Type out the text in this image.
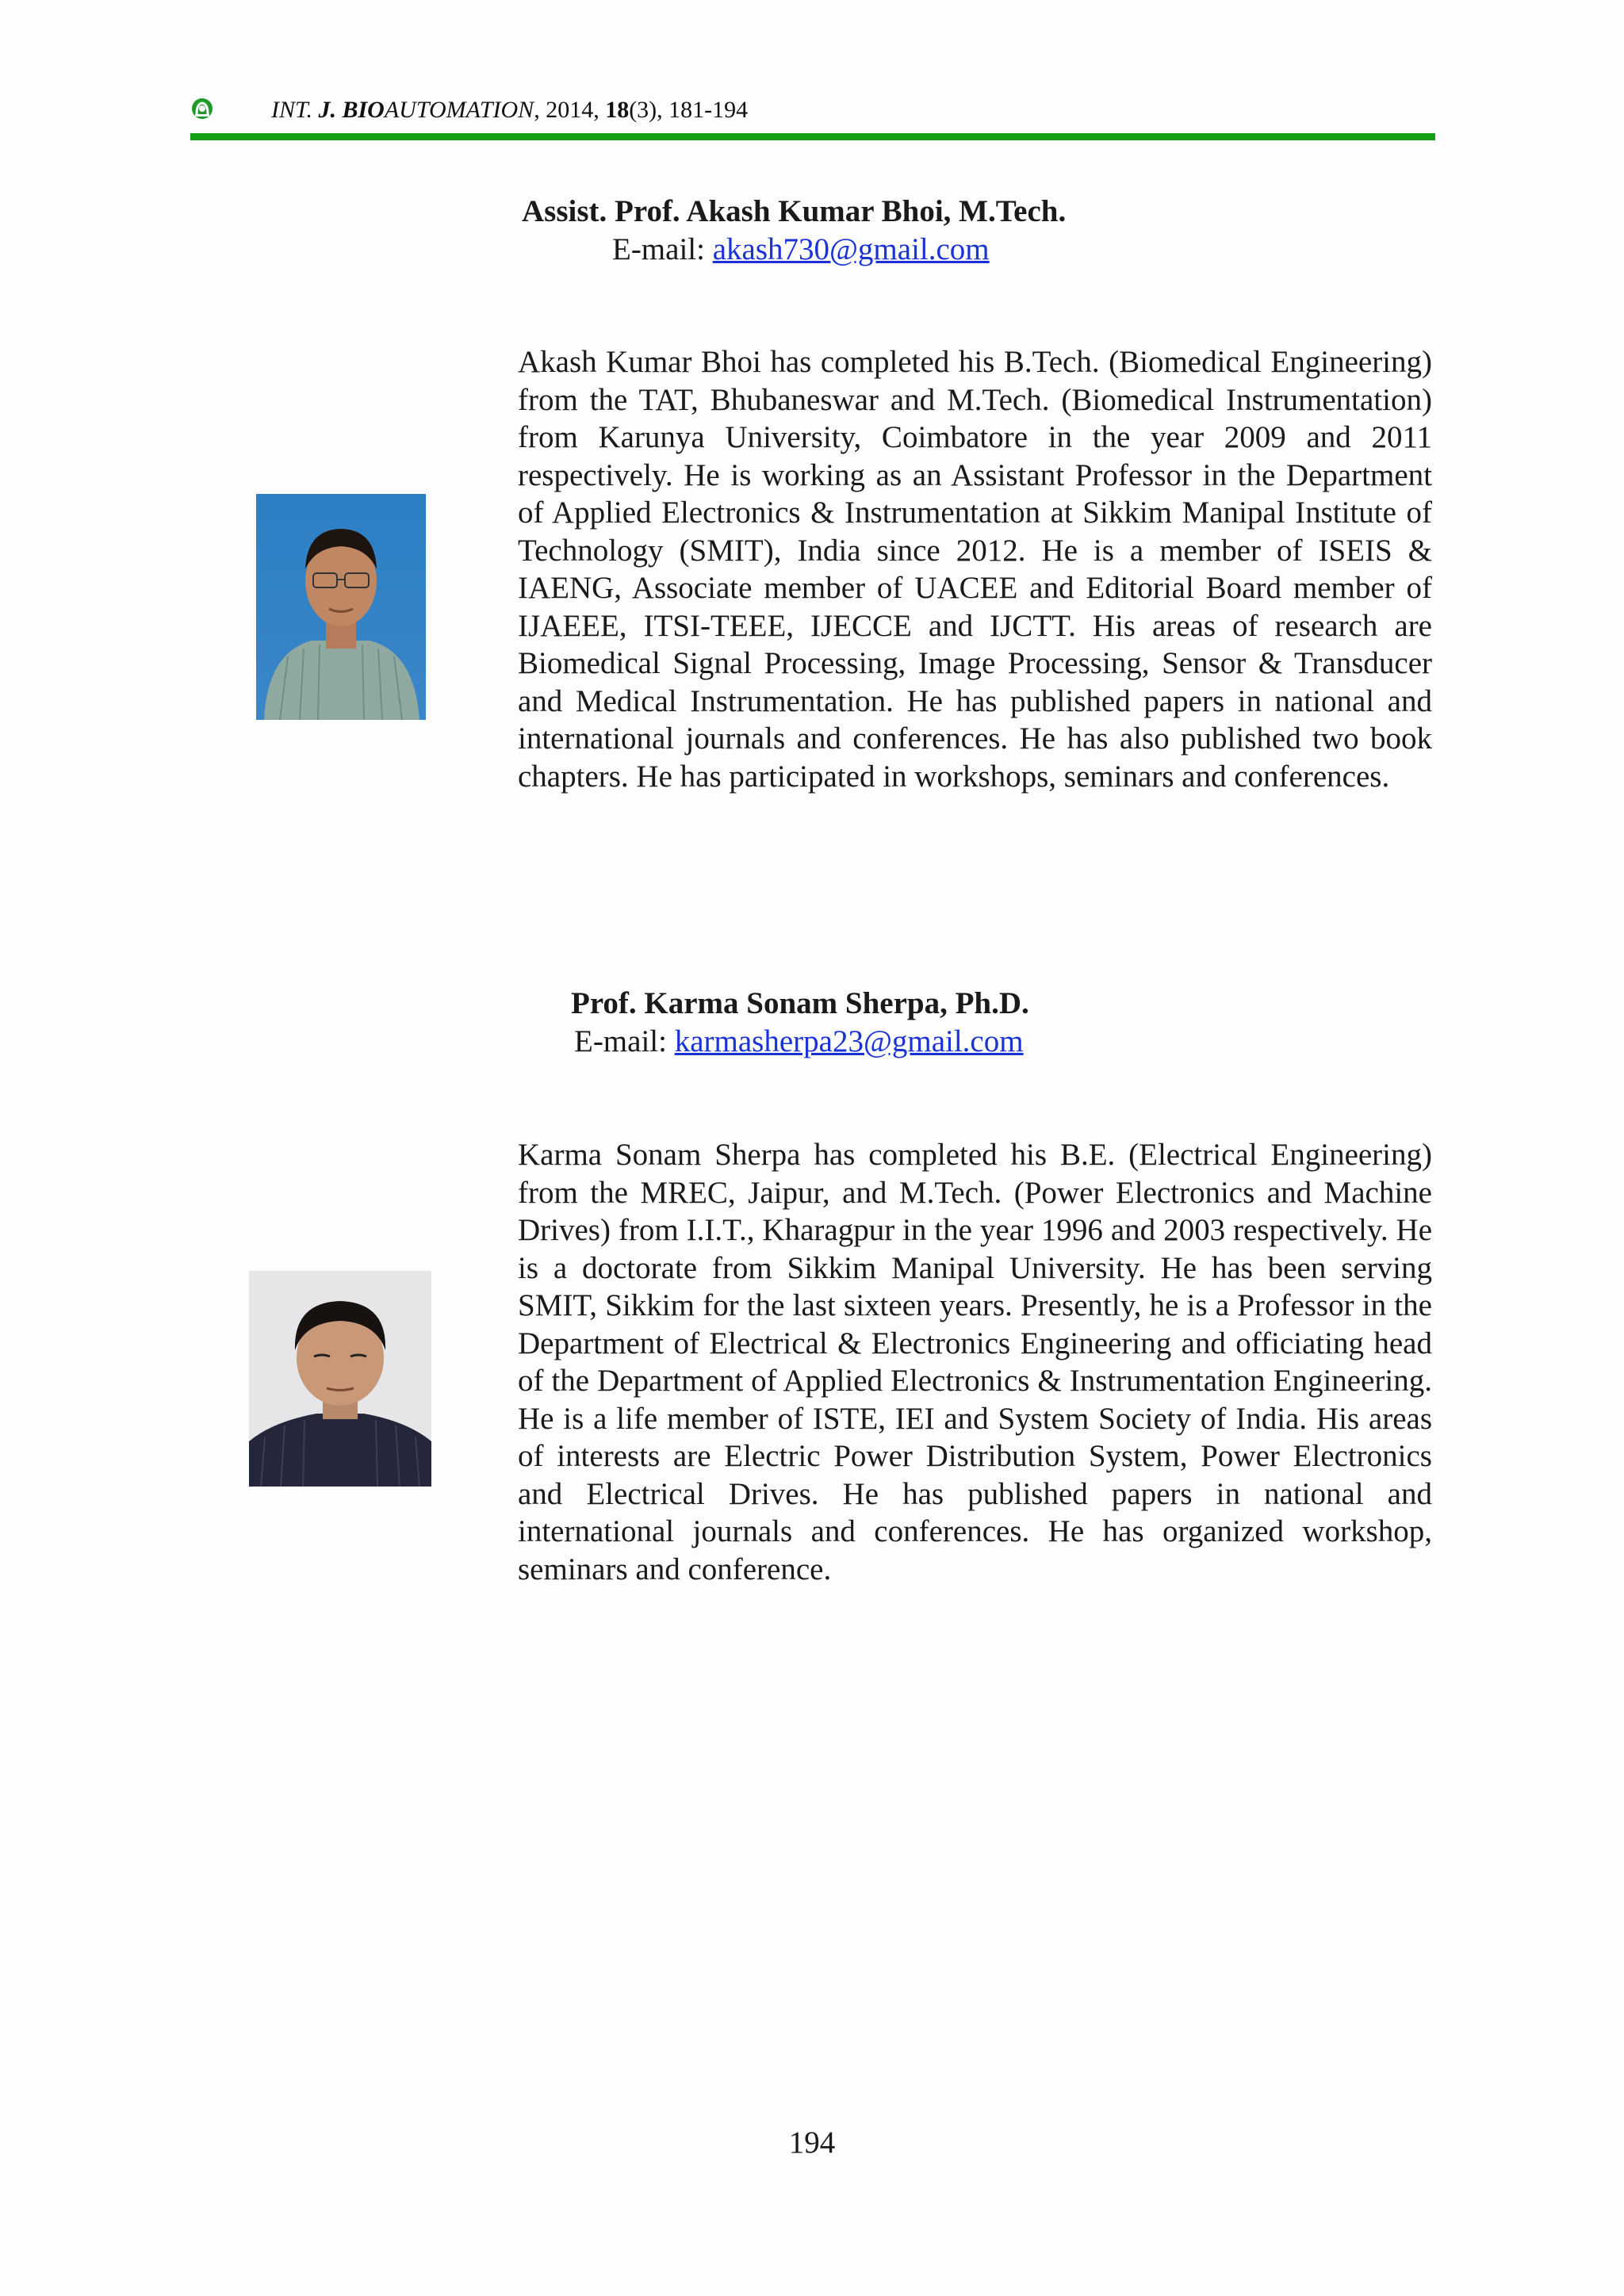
INT. J. BIOAUTOMATION, 2014, 18(3), 181-194
Assist. Prof. Akash Kumar Bhoi, M.Tech.
E-mail: akash730@gmail.com

Akash Kumar Bhoi has completed his B.Tech. (Biomedical Engineering) from the TAT, Bhubaneswar and M.Tech. (Biomedical Instrumentation) from Karunya University, Coimbatore in the year 2009 and 2011 respectively. He is working as an Assistant Professor in the Department of Applied Electronics & Instrumentation at Sikkim Manipal Institute of Technology (SMIT), India since 2012. He is a member of ISEIS & IAENG, Associate member of UACEE and Editorial Board member of IJAEEE, ITSI-TEEE, IJECCE and IJCTT. His areas of research are Biomedical Signal Processing, Image Processing, Sensor & Transducer and Medical Instrumentation. He has published papers in national and international journals and conferences. He has also published two book chapters. He has participated in workshops, seminars and conferences.

Prof. Karma Sonam Sherpa, Ph.D.
E-mail: karmasherpa23@gmail.com

Karma Sonam Sherpa has completed his B.E. (Electrical Engineering) from the MREC, Jaipur, and M.Tech. (Power Electronics and Machine Drives) from I.I.T., Kharagpur in the year 1996 and 2003 respectively. He is a doctorate from Sikkim Manipal University. He has been serving SMIT, Sikkim for the last sixteen years. Presently, he is a Professor in the Department of Electrical & Electronics Engineering and officiating head of the Department of Applied Electronics & Instrumentation Engineering. He is a life member of ISTE, IEI and System Society of India. His areas of interests are Electric Power Distribution System, Power Electronics and Electrical Drives. He has published papers in national and international journals and conferences. He has organized workshop, seminars and conference.

194
